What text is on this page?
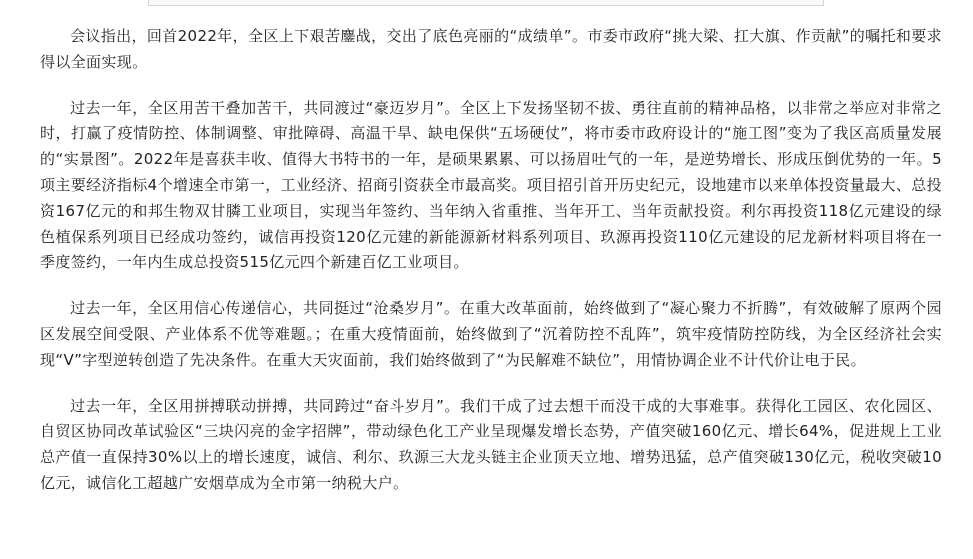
会议指出，回首2022年，全区上下艰苦鏖战，交出了底色亮丽的“成绩单”。市委市政府“挑大梁、扛大旗、作贡献”的嘱托和要求得以全面实现。

过去一年，全区用苦干叠加苦干，共同渡过“豪迈岁月”。全区上下发扬坚韧不拔、勇往直前的精神品格，以非常之举应对非常之时，打赢了疫情防控、体制调整、审批障碍、高温干旱、缺电保供“五场硬仗”，将市委市政府设计的“施工图”变为了我区高质量发展的“实景图”。2022年是喜获丰收、值得大书特书的一年，是硕果累累、可以扬眉吐气的一年，是逆势增长、形成压倒优势的一年。5项主要经济指标4个增速全市第一，工业经济、招商引资获全市最高奖。项目招引首开历史纪元，设地建市以来单体投资量最大、总投资167亿元的和邦生物双甘膦工业项目，实现当年签约、当年纳入省重推、当年开工、当年贡献投资。利尔再投资118亿元建设的绿色植保系列项目已经成功签约，诚信再投资120亿元建的新能源新材料系列项目、玖源再投资110亿元建设的尼龙新材料项目将在一季度签约，一年内生成总投资515亿元四个新建百亿工业项目。

过去一年，全区用信心传递信心，共同挺过“沧桑岁月”。在重大改革面前，始终做到了“凝心聚力不折腾”，有效破解了原两个园区发展空间受限、产业体系不优等难题。；在重大疫情面前，始终做到了“沉着防控不乱阵”，筑牢疫情防控防线，为全区经济社会实现“V”字型逆转创造了先决条件。在重大天灾面前，我们始终做到了“为民解难不缺位”，用情协调企业不计代价让电于民。

过去一年，全区用拼搏联动拼搏，共同跨过“奋斗岁月”。我们干成了过去想干而没干成的大事难事。获得化工园区、农化园区、自贸区协同改革试验区“三块闪亮的金字招牌”，带动绿色化工产业呈现爆发增长态势，产值突破160亿元、增长64%，促进规上工业总产值一直保持30%以上的增长速度，诚信、利尔、玖源三大龙头链主企业顶天立地、增势迅猛，总产值突破130亿元，税收突破10亿元，诚信化工超越广安烟草成为全市第一纳税大户。
